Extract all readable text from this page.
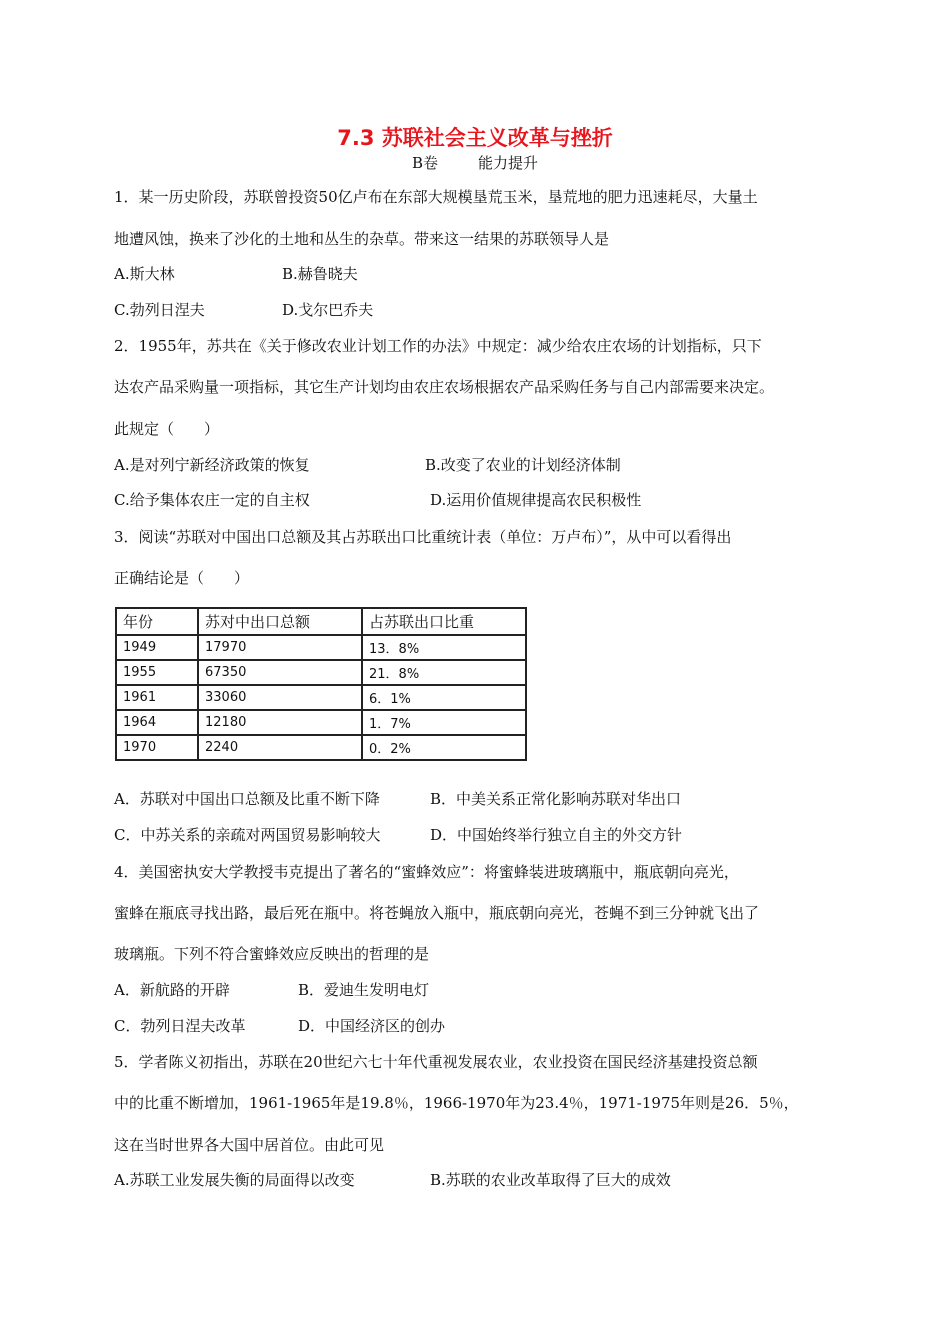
7.3 苏联社会主义改革与挫折
B卷	能力提升
1．某一历史阶段，苏联曾投资50亿卢布在东部大规模垦荒玉米，垦荒地的肥力迅速耗尽，大量土
地遭风蚀，换来了沙化的土地和丛生的杂草。带来这一结果的苏联领导人是
A.斯大林	B.赫鲁晓夫
C.勃列日涅夫	D.戈尔巴乔夫
2．1955年，苏共在《关于修改农业计划工作的办法》中规定：减少给农庄农场的计划指标，只下
达农产品采购量一项指标，其它生产计划均由农庄农场根据农产品采购任务与自己内部需要来决定。
此规定（　　）
A.是对列宁新经济政策的恢复	B.改变了农业的计划经济体制
C.给予集体农庄一定的自主权	D.运用价值规律提高农民积极性
3．阅读“苏联对中国出口总额及其占苏联出口比重统计表（单位：万卢布）”，从中可以看得出
正确结论是（　　）
年份	苏对中出口总额	占苏联出口比重
1949	17970	13．8%
1955	67350	21．8%
1961	33060	6．1%
1964	12180	1．7%
1970	2240	0．2%
A．苏联对中国出口总额及比重不断下降	B．中美关系正常化影响苏联对华出口
C．中苏关系的亲疏对两国贸易影响较大	D．中国始终举行独立自主的外交方针
4．美国密执安大学教授韦克提出了著名的“蜜蜂效应”：将蜜蜂装进玻璃瓶中，瓶底朝向亮光，
蜜蜂在瓶底寻找出路，最后死在瓶中。将苍蝇放入瓶中，瓶底朝向亮光，苍蝇不到三分钟就飞出了
玻璃瓶。下列不符合蜜蜂效应反映出的哲理的是
A．新航路的开辟	B．爱迪生发明电灯
C．勃列日涅夫改革	D．中国经济区的创办
5．学者陈义初指出，苏联在20世纪六七十年代重视发展农业，农业投资在国民经济基建投资总额
中的比重不断增加，1961-1965年是19.8％，1966-1970年为23.4％，1971-1975年则是26．5％，
这在当时世界各大国中居首位。由此可见
A.苏联工业发展失衡的局面得以改变	B.苏联的农业改革取得了巨大的成效
